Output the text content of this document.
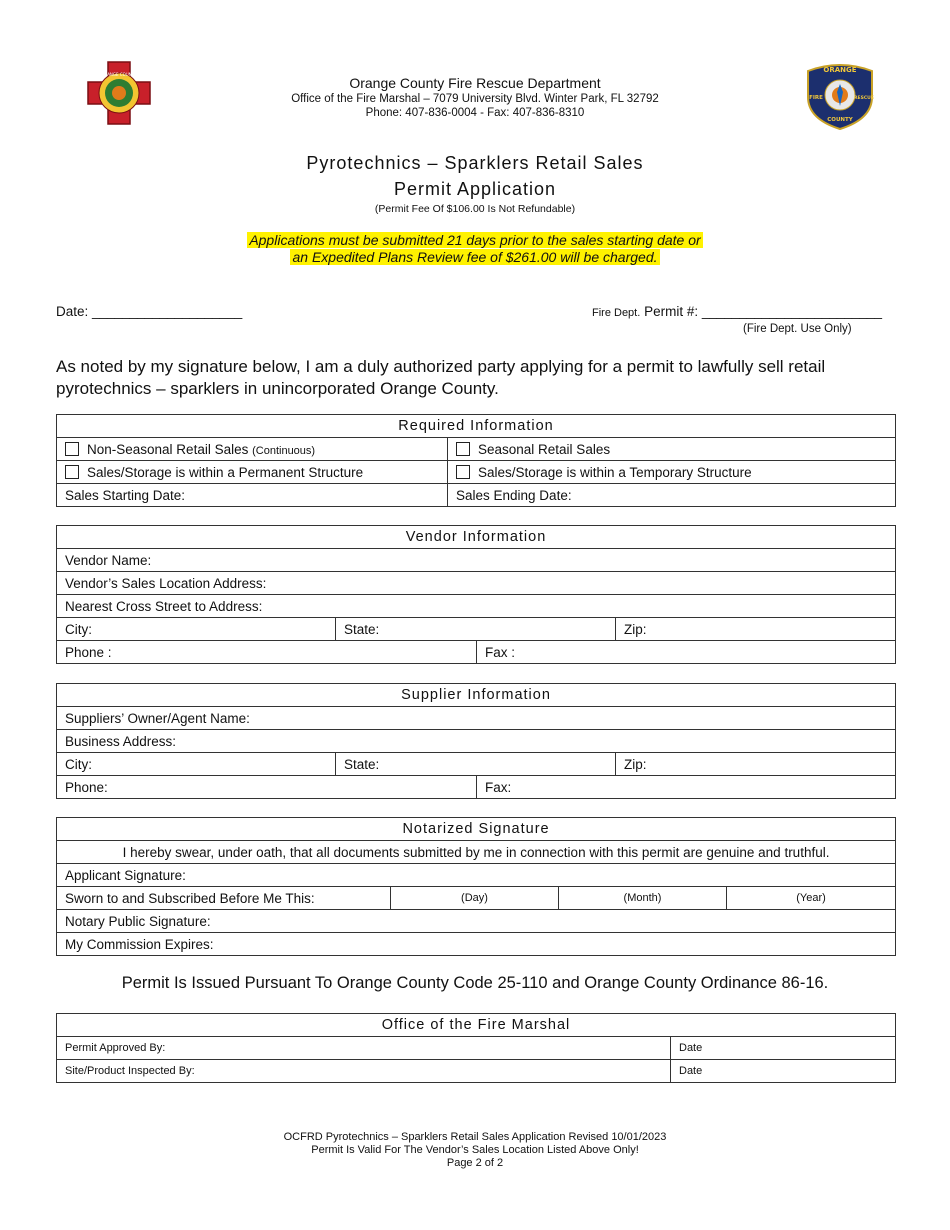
ORANGE COUNTY
ORANGE
FIRE	RESCUE
COUNTY
Orange County Fire Rescue Department
Office of the Fire Marshal – 7079 University Blvd. Winter Park, FL 32792
Phone: 407-836-0004 - Fax: 407-836-8310
Pyrotechnics – Sparklers Retail Sales
Permit Application
(Permit Fee Of $106.00 Is Not Refundable)
Applications must be submitted 21 days prior to the sales starting date or
an Expedited Plans Review fee of $261.00 will be charged.
Date: ____________________	Fire Dept. Permit #: ________________________
(Fire Dept. Use Only)
As noted by my signature below, I am a duly authorized party applying for a permit to lawfully sell retail pyrotechnics – sparklers in unincorporated Orange County.
Required Information	
Non-Seasonal Retail Sales (Continuous)	Seasonal Retail Sales
Sales/Storage is within a Permanent Structure	Sales/Storage is within a Temporary Structure
Sales Starting Date:	Sales Ending Date:
Vendor Information			
Vendor Name:			
Vendor’s Sales Location Address:			
Nearest Cross Street to Address:			
City:	State:		Zip:
Phone :		Fax :	
Supplier Information			
Suppliers’ Owner/Agent Name:			
Business Address:			
City:	State:		Zip:
Phone:		Fax:	
Notarized Signature
I hereby swear, under oath, that all documents submitted by me in connection with this permit are genuine and truthful.
Applicant Signature:
Sworn to and Subscribed Before Me This:	(Day)	(Month)	(Year)
Notary Public Signature:
My Commission Expires:
Permit Is Issued Pursuant To Orange County Code 25-110 and Orange County Ordinance 86-16.
Office of the Fire Marshal	
Permit Approved By:	Date
Site/Product Inspected By:	Date
OCFRD Pyrotechnics – Sparklers Retail Sales Application Revised 10/01/2023
Permit Is Valid For The Vendor’s Sales Location Listed Above Only!
Page 2 of 2
